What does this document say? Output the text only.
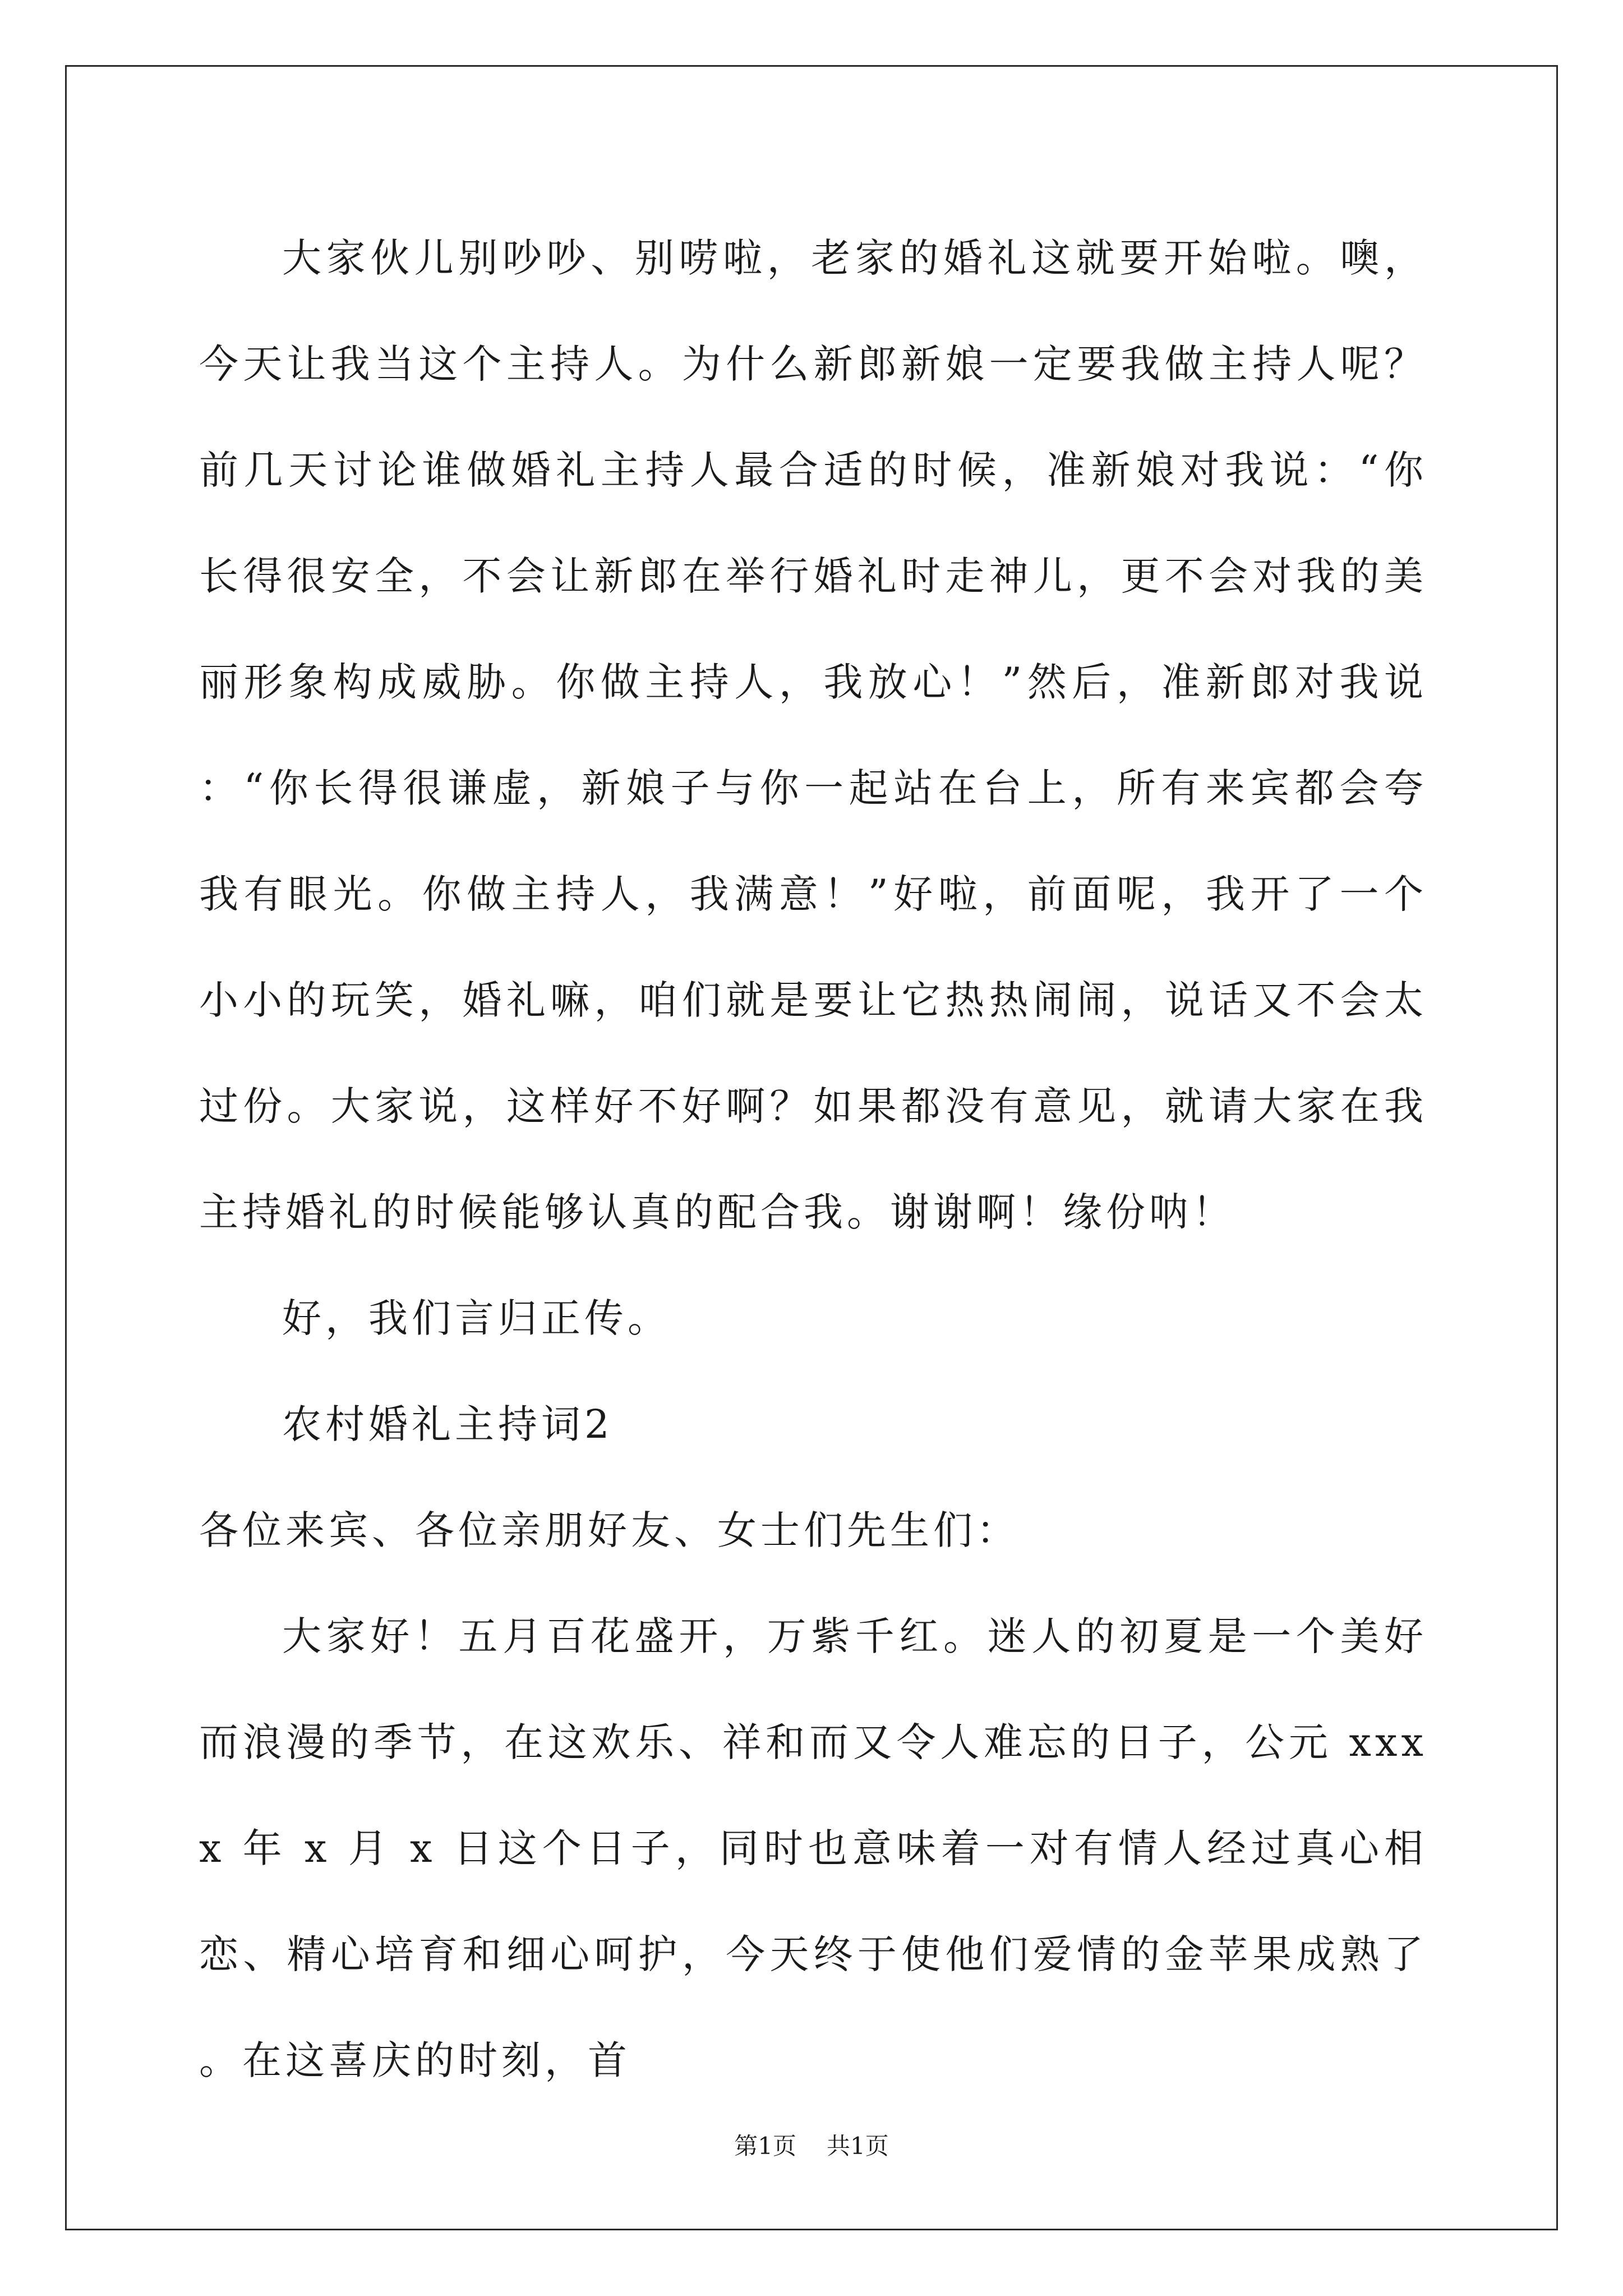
大家伙儿别吵吵、别唠啦，老家的婚礼这就要开始啦。噢，今天让我当这个主持人。为什么新郎新娘一定要我做主持人呢？前几天讨论谁做婚礼主持人最合适的时候，准新娘对我说：“你长得很安全，不会让新郎在举行婚礼时走神儿，更不会对我的美丽形象构成威胁。你做主持人，我放心！”然后，准新郎对我说：“你长得很谦虚，新娘子与你一起站在台上，所有来宾都会夸我有眼光。你做主持人，我满意！”好啦，前面呢，我开了一个小小的玩笑，婚礼嘛，咱们就是要让它热热闹闹，说话又不会太过份。大家说，这样好不好啊？如果都没有意见，就请大家在我主持婚礼的时候能够认真的配合我。谢谢啊！缘份呐！

好，我们言归正传。

农村婚礼主持词2

各位来宾、各位亲朋好友、女士们先生们：

大家好！五月百花盛开，万紫千红。迷人的初夏是一个美好而浪漫的季节，在这欢乐、祥和而又令人难忘的日子，公元 xxxx 年 x 月 x 日这个日子，同时也意味着一对有情人经过真心相恋、精心培育和细心呵护，今天终于使他们爱情的金苹果成熟了。在这喜庆的时刻，首

第1页 共1页
